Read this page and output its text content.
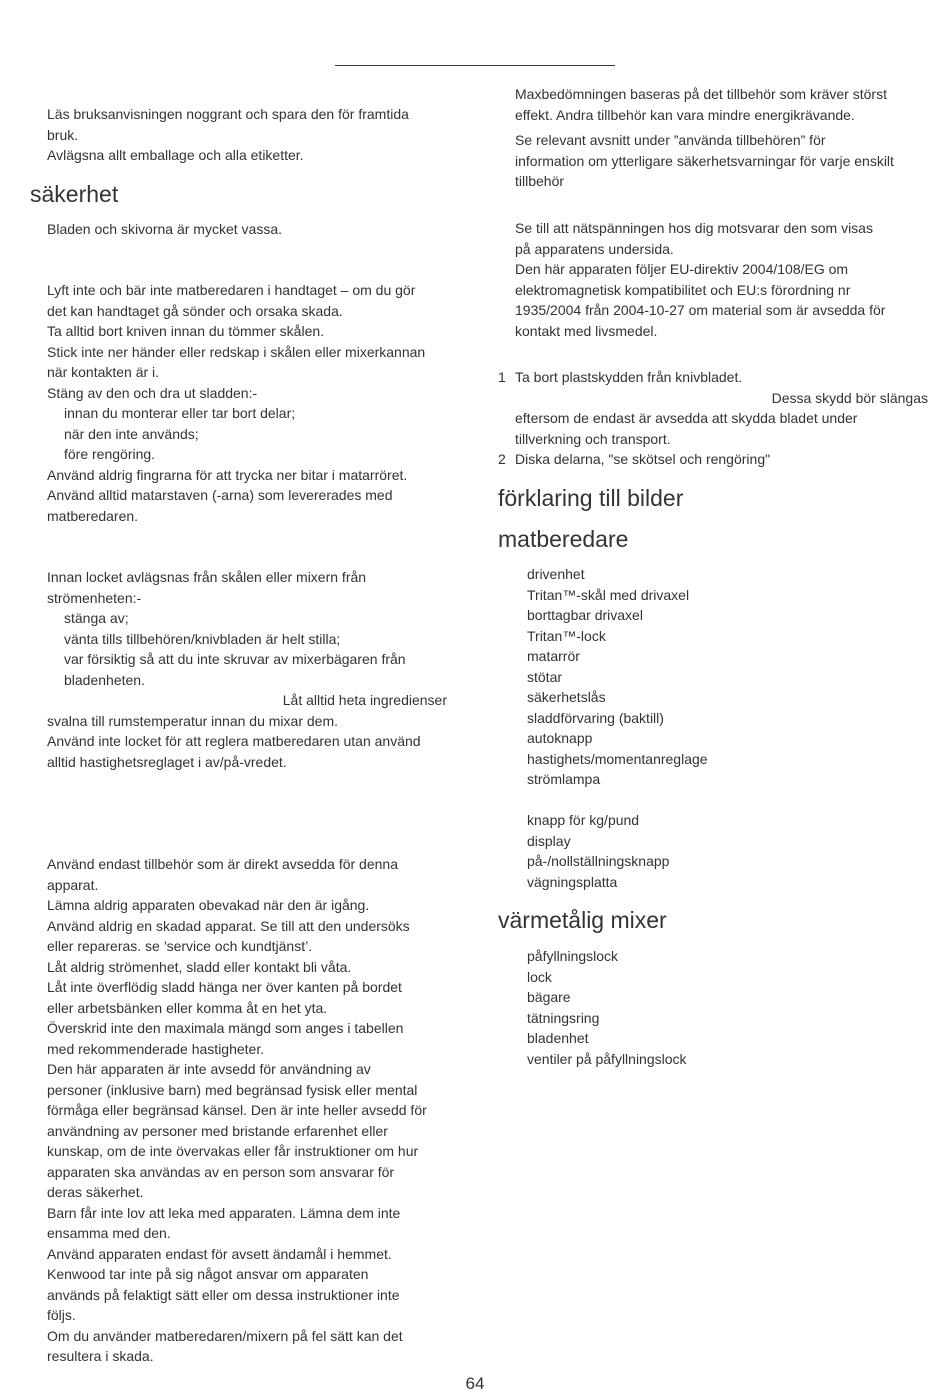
Läs bruksanvisningen noggrant och spara den för framtida
bruk.
Avlägsna allt emballage och alla etiketter.
säkerhet
Bladen och skivorna är mycket vassa.
Lyft inte och bär inte matberedaren i handtaget – om du gör
det kan handtaget gå sönder och orsaka skada.
Ta alltid bort kniven innan du tömmer skålen.
Stick inte ner händer eller redskap i skålen eller mixerkannan
när kontakten är i.
Stäng av den och dra ut sladden:-
innan du monterar eller tar bort delar;
när den inte används;
före rengöring.
Använd aldrig fingrarna för att trycka ner bitar i matarröret.
Använd alltid matarstaven (-arna) som levererades med
matberedaren.
Innan locket avlägsnas från skålen eller mixern från
strömenheten:-
stänga av;
vänta tills tillbehören/knivbladen är helt stilla;
var försiktig så att du inte skruvar av mixerbägaren från
bladenheten.
Låt alltid heta ingredienser
svalna till rumstemperatur innan du mixar dem.
Använd inte locket för att reglera matberedaren utan använd
alltid hastighetsreglaget i av/på-vredet.
Använd endast tillbehör som är direkt avsedda för denna
apparat.
Lämna aldrig apparaten obevakad när den är igång.
Använd aldrig en skadad apparat. Se till att den undersöks
eller repareras. se ’service och kundtjänst’.
Låt aldrig strömenhet, sladd eller kontakt bli våta.
Låt inte överflödig sladd hänga ner över kanten på bordet
eller arbetsbänken eller komma åt en het yta.
Överskrid inte den maximala mängd som anges i tabellen
med rekommenderade hastigheter.
Den här apparaten är inte avsedd för användning av
personer (inklusive barn) med begränsad fysisk eller mental
förmåga eller begränsad känsel. Den är inte heller avsedd för
användning av personer med bristande erfarenhet eller
kunskap, om de inte övervakas eller får instruktioner om hur
apparaten ska användas av en person som ansvarar för
deras säkerhet.
Barn får inte lov att leka med apparaten. Lämna dem inte
ensamma med den.
Använd apparaten endast för avsett ändamål i hemmet.
Kenwood tar inte på sig något ansvar om apparaten
används på felaktigt sätt eller om dessa instruktioner inte
följs.
Om du använder matberedaren/mixern på fel sätt kan det
resultera i skada.
Maxbedömningen baseras på det tillbehör som kräver störst
effekt. Andra tillbehör kan vara mindre energikrävande.
Se relevant avsnitt under ”använda tillbehören” för
information om ytterligare säkerhetsvarningar för varje enskilt
tillbehör
Se till att nätspänningen hos dig motsvarar den som visas
på apparatens undersida.
Den här apparaten följer EU-direktiv 2004/108/EG om
elektromagnetisk kompatibilitet och EU:s förordning nr
1935/2004 från 2004-10-27 om material som är avsedda för
kontakt med livsmedel.
1 Ta bort plastskydden från knivbladet.
Dessa skydd bör slängas
eftersom de endast är avsedda att skydda bladet under
tillverkning och transport.
2 Diska delarna, "se skötsel och rengöring"
förklaring till bilder
matberedare
drivenhet
Tritan™-skål med drivaxel
borttagbar drivaxel
Tritan™-lock
matarrör
stötar
säkerhetslås
sladdförvaring (baktill)
autoknapp
hastighets/momentanreglage
strömlampa
knapp för kg/pund
display
på-/nollställningsknapp
vägningsplatta
värmetålig mixer
påfyllningslock
lock
bägare
tätningsring
bladenhet
ventiler på påfyllningslock
64
